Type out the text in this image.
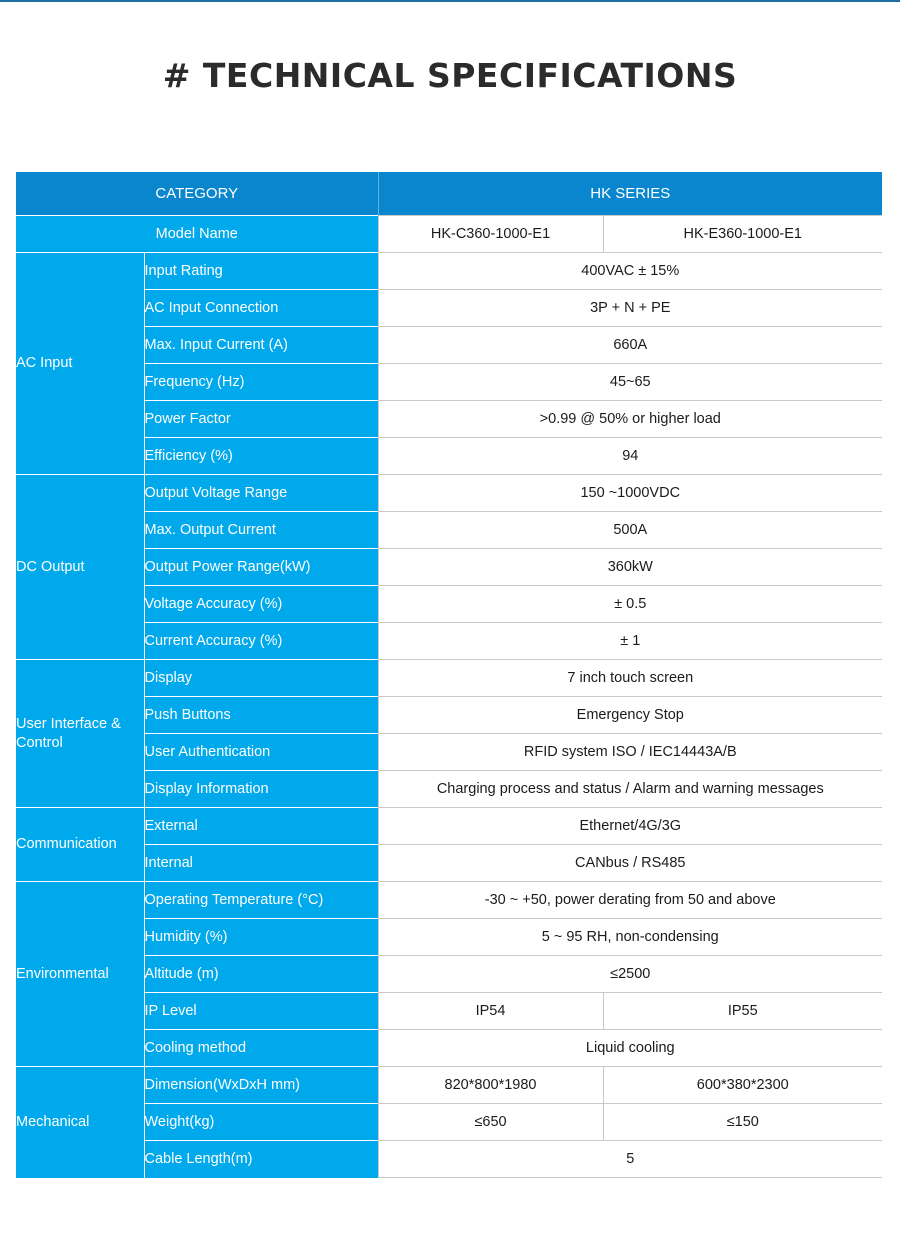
# TECHNICAL SPECIFICATIONS
CATEGORY		HK SERIES	
Model Name		HK-C360-1000-E1	HK-E360-1000-E1
AC Input	Input Rating	400VAC ± 15%	
	AC Input Connection	3P + N + PE	
	Max. Input Current (A)	660A	
	Frequency (Hz)	45~65	
	Power Factor	>0.99 @ 50% or higher load	
	Efficiency (%)	94	
DC Output	Output Voltage Range	150 ~1000VDC	
	Max. Output Current	500A	
	Output Power Range(kW)	360kW	
	Voltage Accuracy (%)	± 0.5	
	Current Accuracy (%)	± 1	
User Interface & Control	Display	7 inch touch screen	
	Push Buttons	Emergency Stop	
	User Authentication	RFID system ISO / IEC14443A/B	
	Display Information	Charging process and status / Alarm and warning messages	
Communication	External	Ethernet/4G/3G	
	Internal	CANbus / RS485	
Environmental	Operating Temperature (°C)	-30 ~ +50, power derating from 50 and above	
	Humidity (%)	5 ~ 95 RH, non-condensing	
	Altitude (m)	≤2500	
	IP Level	IP54	IP55
	Cooling method	Liquid cooling	
Mechanical	Dimension(WxDxH mm)	820*800*1980	600*380*2300
	Weight(kg)	≤650	≤150
	Cable Length(m)	5	
